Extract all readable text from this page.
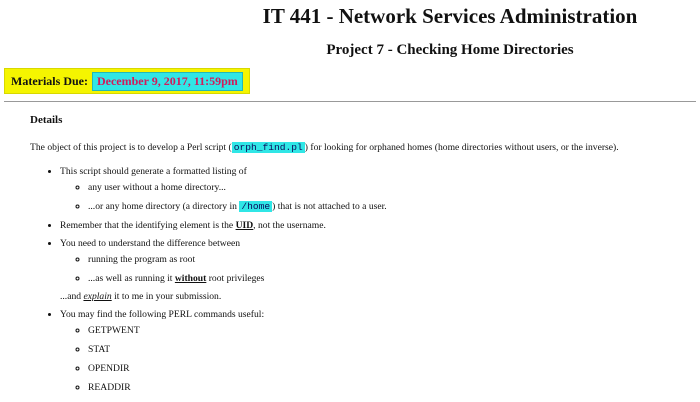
IT 441 - Network Services Administration
Project 7 - Checking Home Directories
Materials Due: December 9, 2017, 11:59pm
Details

The object of this project is to develop a Perl script ( orph_find.pl ) for looking for orphaned homes (home directories without users, or the inverse).

• This script should generate a formatted listing of
◦ any user without a home directory...
◦ ...or any home directory (a directory in /home ) that is not attached to a user.
• Remember that the identifying element is the UID, not the username.
• You need to understand the difference between
◦ running the program as root
◦ ...as well as running it without root privileges
...and explain it to me in your submission.
• You may find the following PERL commands useful:
◦ GETPWENT
◦ STAT
◦ OPENDIR
◦ READDIR
